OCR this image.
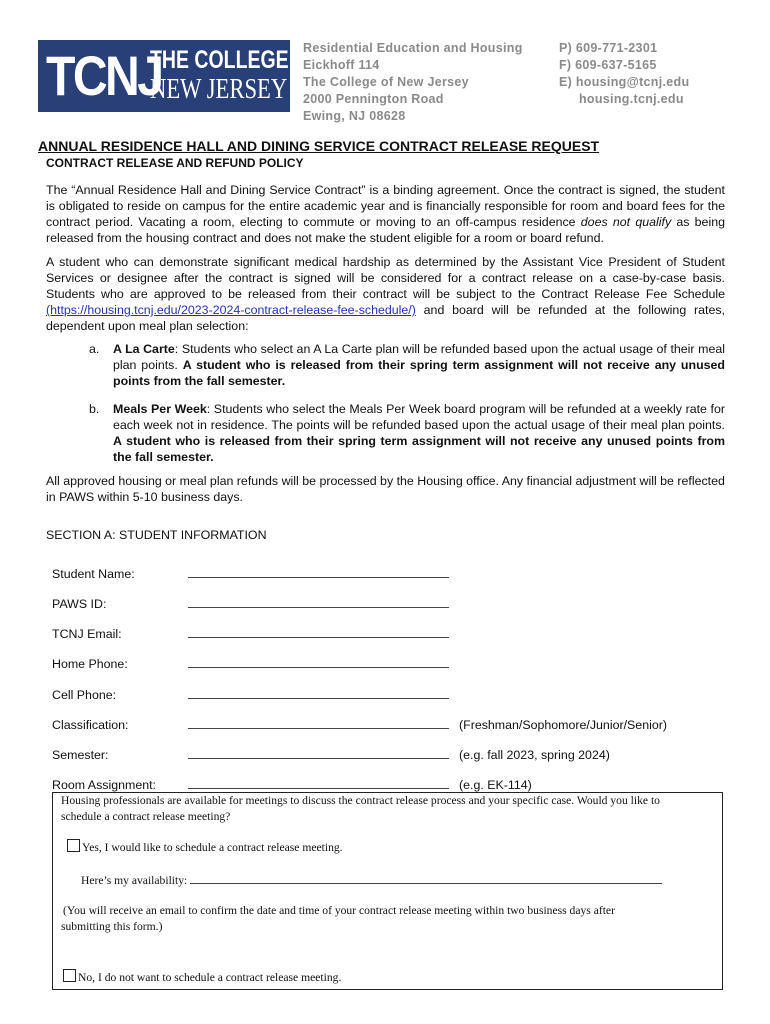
TCNJ
THE COLLEGE OF
NEW JERSEY
Residential Education and Housing
Eickhoff 114
The College of New Jersey
2000 Pennington Road
Ewing, NJ 08628
P) 609-771-2301
F) 609-637-5165
E) housing@tcnj.edu
housing.tcnj.edu
ANNUAL RESIDENCE HALL AND DINING SERVICE CONTRACT RELEASE REQUEST
CONTRACT RELEASE AND REFUND POLICY
The “Annual Residence Hall and Dining Service Contract” is a binding agreement. Once the contract is signed, the student is obligated to reside on campus for the entire academic year and is financially responsible for room and board fees for the contract period. Vacating a room, electing to commute or moving to an off-campus residence does not qualify as being released from the housing contract and does not make the student eligible for a room or board refund.
A student who can demonstrate significant medical hardship as determined by the Assistant Vice President of Student Services or designee after the contract is signed will be considered for a contract release on a case-by-case basis. Students who are approved to be released from their contract will be subject to the Contract Release Fee Schedule (https://housing.tcnj.edu/2023-2024-contract-release-fee-schedule/) and board will be refunded at the following rates, dependent upon meal plan selection:
a. A La Carte: Students who select an A La Carte plan will be refunded based upon the actual usage of their meal plan points. A student who is released from their spring term assignment will not receive any unused points from the fall semester.
b. Meals Per Week: Students who select the Meals Per Week board program will be refunded at a weekly rate for each week not in residence. The points will be refunded based upon the actual usage of their meal plan points. A student who is released from their spring term assignment will not receive any unused points from the fall semester.
All approved housing or meal plan refunds will be processed by the Housing office. Any financial adjustment will be reflected in PAWS within 5-10 business days.
SECTION A: STUDENT INFORMATION
Student Name:
PAWS ID:
TCNJ Email:
Home Phone:
Cell Phone:
Classification:	(Freshman/Sophomore/Junior/Senior)
Semester:	(e.g. fall 2023, spring 2024)
Room Assignment:	(e.g. EK-114)
Housing professionals are available for meetings to discuss the contract release process and your specific case. Would you like to
schedule a contract release meeting?
Yes, I would like to schedule a contract release meeting.
Here’s my availability:
(You will receive an email to confirm the date and time of your contract release meeting within two business days after
submitting this form.)
No, I do not want to schedule a contract release meeting.
